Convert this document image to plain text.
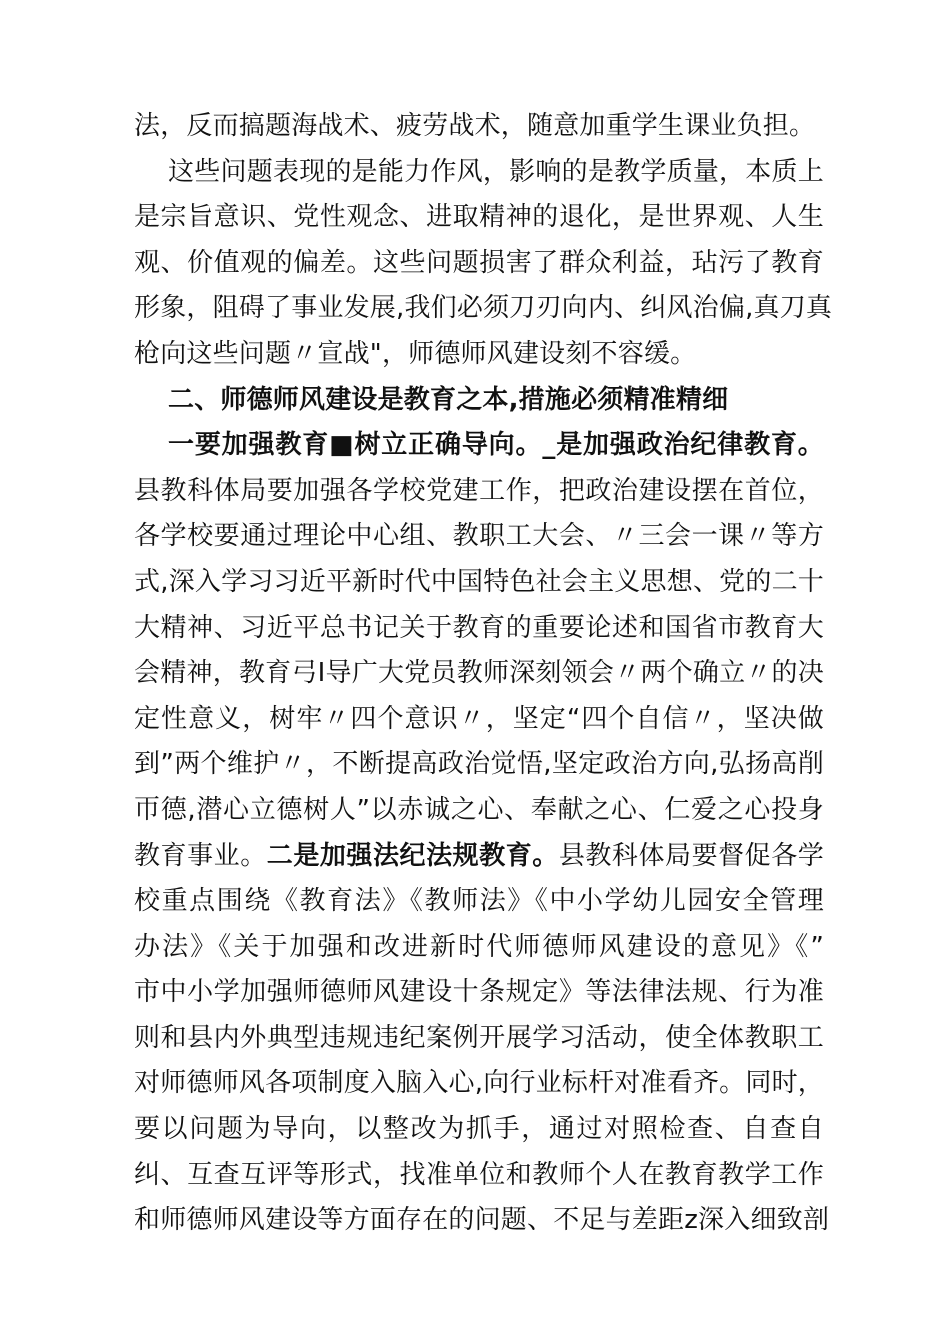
法，反而搞题海战术、疲劳战术，随意加重学生课业负担。
这些问题表现的是能力作风，影响的是教学质量，本质上
是宗旨意识、党性观念、进取精神的退化，是世界观、人生
观、价值观的偏差。这些问题损害了群众利益，玷污了教育
形象，阻碍了事业发展,我们必须刀刃向内、纠风治偏,真刀真
枪向这些问题〃宣战"，师德师风建设刻不容缓。
二、师德师风建设是教育之本,措施必须精准精细
一要加强教育■树立正确导向。_是加强政治纪律教育。
县教科体局要加强各学校党建工作，把政治建设摆在首位，
各学校要通过理论中心组、教职工大会、〃三会一课〃等方
式,深入学习习近平新时代中国特色社会主义思想、党的二十
大精神、习近平总书记关于教育的重要论述和国省市教育大
会精神，教育弓I导广大党员教师深刻领会〃两个确立〃的决
定性意义，树牢〃四个意识〃，坚定“四个自信〃，坚决做
到”两个维护〃，不断提高政治觉悟,坚定政治方向,弘扬高削
帀德,潜心立德树人”以赤诚之心、奉献之心、仁爱之心投身
教育事业。二是加强法纪法规教育。县教科体局要督促各学
校重点围绕《教育法》《教师法》《中小学幼儿园安全管理
办法》《关于加强和改进新时代师德师风建设的意见》《”
市中小学加强师德师风建设十条规定》等法律法规、行为准
则和县内外典型违规违纪案例开展学习活动，使全体教职工
对师德师风各项制度入脑入心,向行业标杆对准看齐。同时，
要以问题为导向，以整改为抓手，通过对照检查、自查自
纠、互查互评等形式，找准单位和教师个人在教育教学工作
和师德师风建设等方面存在的问题、不足与差距z深入细致剖
